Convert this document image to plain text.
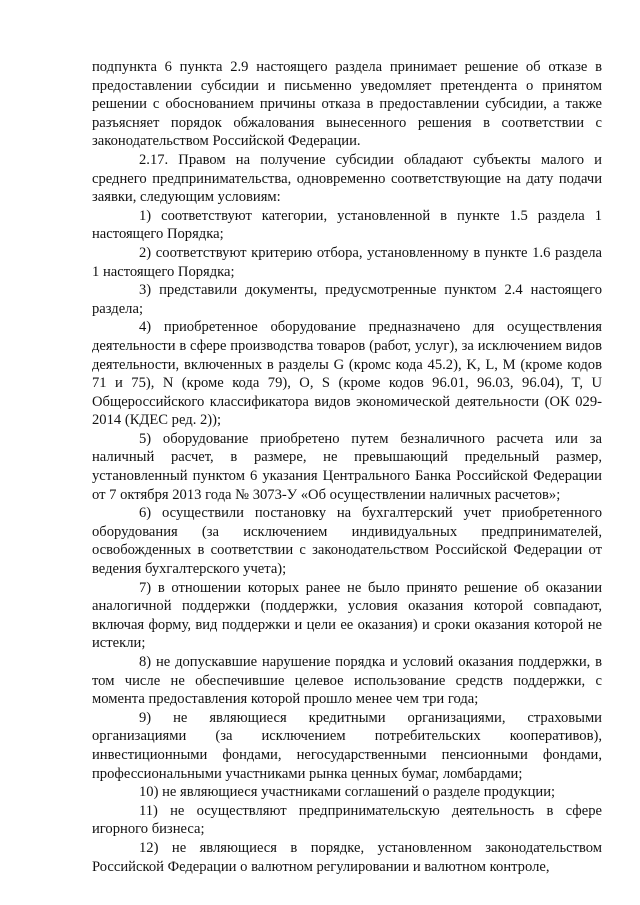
подпункта 6 пункта 2.9 настоящего раздела принимает решение об отказе в предоставлении субсидии и письменно уведомляет претендента о принятом решении с обоснованием причины отказа в предоставлении субсидии, а также разъясняет порядок обжалования вынесенного решения в соответствии с законодательством Российской Федерации.

2.17. Правом на получение субсидии обладают субъекты малого и среднего предпринимательства, одновременно соответствующие на дату подачи заявки, следующим условиям:

1) соответствуют категории, установленной в пункте 1.5 раздела 1 настоящего Порядка;

2) соответствуют критерию отбора, установленному в пункте 1.6 раздела 1 настоящего Порядка;

3) представили документы, предусмотренные пунктом 2.4 настоящего раздела;

4) приобретенное оборудование предназначено для осуществления деятельности в сфере производства товаров (работ, услуг), за исключением видов деятельности, включенных в разделы G (кромс кода 45.2), K, L, M (кроме кодов 71 и 75), N (кроме кода 79), O, S (кроме кодов 96.01, 96.03, 96.04), T, U Общероссийского классификатора видов экономической деятельности (ОК 029-2014 (КДЕС ред. 2));

5) оборудование приобретено путем безналичного расчета или за наличный расчет, в размере, не превышающий предельный размер, установленный пунктом 6 указания Центрального Банка Российской Федерации от 7 октября 2013 года № 3073-У «Об осуществлении наличных расчетов»;

6) осуществили постановку на бухгалтерский учет приобретенного оборудования (за исключением индивидуальных предпринимателей, освобожденных в соответствии с законодательством Российской Федерации от ведения бухгалтерского учета);

7) в отношении которых ранее не было принято решение об оказании аналогичной поддержки (поддержки, условия оказания которой совпадают, включая форму, вид поддержки и цели ее оказания) и сроки оказания которой не истекли;

8) не допускавшие нарушение порядка и условий оказания поддержки, в том числе не обеспечившие целевое использование средств поддержки, с момента предоставления которой прошло менее чем три года;

9) не являющиеся кредитными организациями, страховыми организациями (за исключением потребительских кооперативов), инвестиционными фондами, негосударственными пенсионными фондами, профессиональными участниками рынка ценных бумаг, ломбардами;

10) не являющиеся участниками соглашений о разделе продукции;

11) не осуществляют предпринимательскую деятельность в сфере игорного бизнеса;

12) не являющиеся в порядке, установленном законодательством Российской Федерации о валютном регулировании и валютном контроле,
